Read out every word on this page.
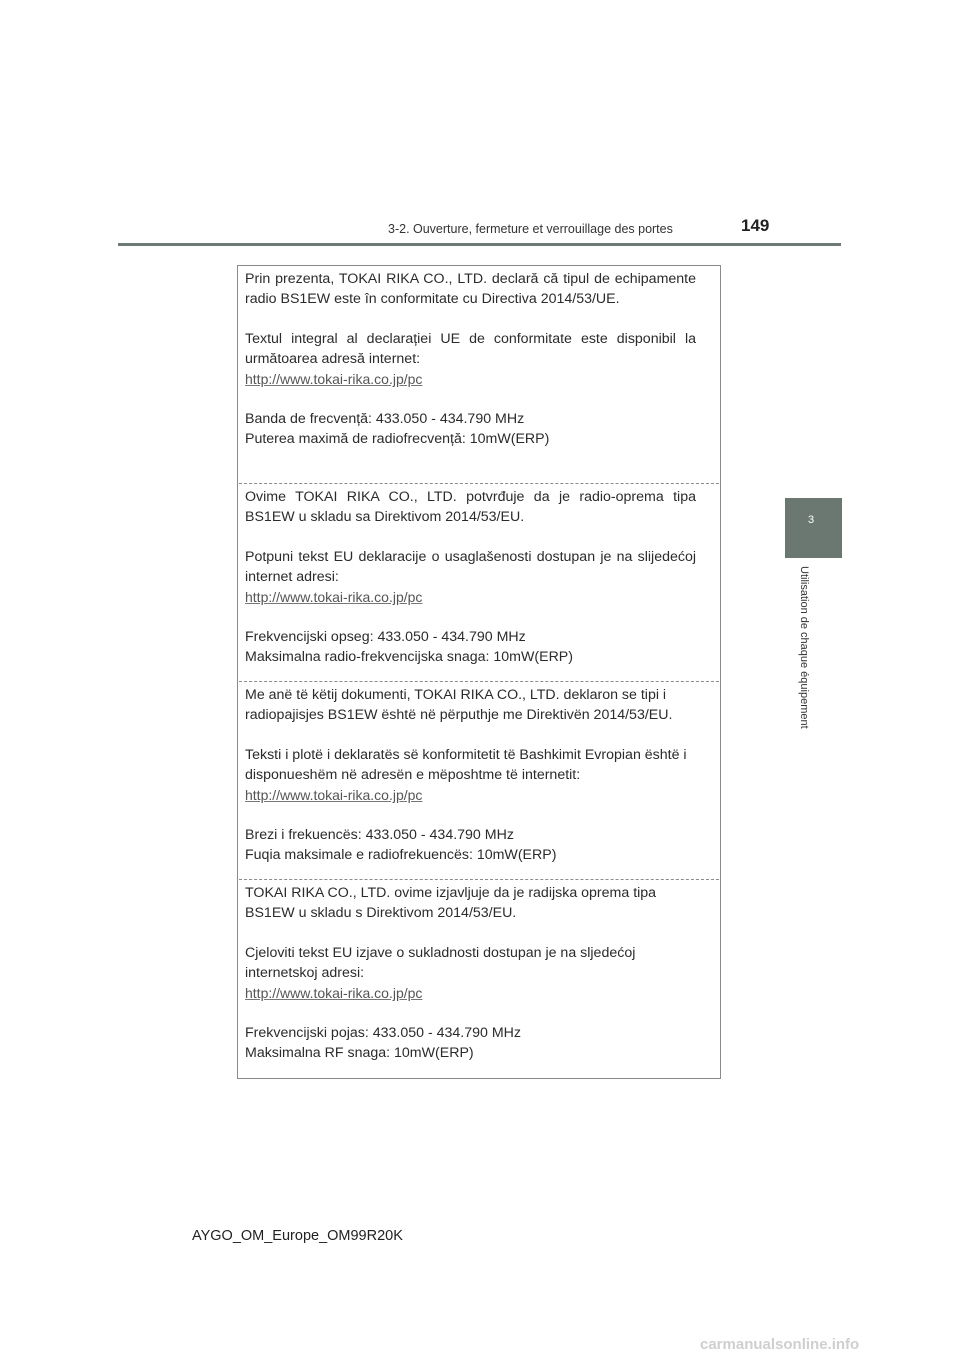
3-2. Ouverture, fermeture et verrouillage des portes	149
3
Utilisation de chaque équipement

Prin prezenta, TOKAI RIKA CO., LTD. declară că tipul de echipamente radio BS1EW este în conformitate cu Directiva 2014/53/UE.

Textul integral al declarației UE de conformitate este disponibil la următoarea adresă internet:

http://www.tokai-rika.co.jp/pc

Banda de frecvență: 433.050 - 434.790 MHz

Puterea maximă de radiofrecvență: 10mW(ERP)

Ovime TOKAI RIKA CO., LTD. potvrđuje da je radio-oprema tipa BS1EW u skladu sa Direktivom 2014/53/EU.

Potpuni tekst EU deklaracije o usaglašenosti dostupan je na slijedećoj internet adresi:

http://www.tokai-rika.co.jp/pc

Frekvencijski opseg: 433.050 - 434.790 MHz

Maksimalna radio-frekvencijska snaga: 10mW(ERP)

Me anë të këtij dokumenti, TOKAI RIKA CO., LTD. deklaron se tipi i radiopajisjes BS1EW është në përputhje me Direktivën 2014/53/EU.

Teksti i plotë i deklaratës së konformitetit të Bashkimit Evropian është i disponueshëm në adresën e mëposhtme të internetit:

http://www.tokai-rika.co.jp/pc

Brezi i frekuencës: 433.050 - 434.790 MHz

Fuqia maksimale e radiofrekuencës: 10mW(ERP)

TOKAI RIKA CO., LTD. ovime izjavljuje da je radijska oprema tipa BS1EW u skladu s Direktivom 2014/53/EU.

Cjeloviti tekst EU izjave o sukladnosti dostupan je na sljedećoj internetskoj adresi:

http://www.tokai-rika.co.jp/pc

Frekvencijski pojas: 433.050 - 434.790 MHz

Maksimalna RF snaga: 10mW(ERP)

AYGO_OM_Europe_OM99R20K
carmanualsonline.info
